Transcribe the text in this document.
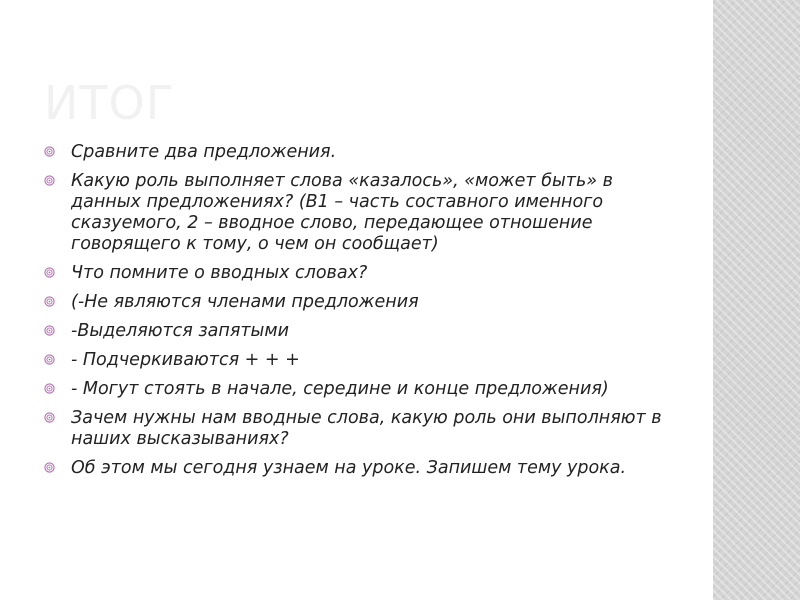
ИТОГ
Сравните два предложения.
Какую роль выполняет слова «казалось», «может быть» в данных предложениях? (В1 – часть составного именного сказуемого, 2 – вводное слово, передающее отношение говорящего к тому, о чем он сообщает)
Что помните о вводных словах?
(-Не являются членами предложения
-Выделяются запятыми
- Подчеркиваются + + +
- Могут стоять в начале, середине и конце предложения)
Зачем нужны нам вводные слова, какую роль они выполняют в наших высказываниях?
Об этом мы сегодня узнаем на уроке. Запишем тему урока.
